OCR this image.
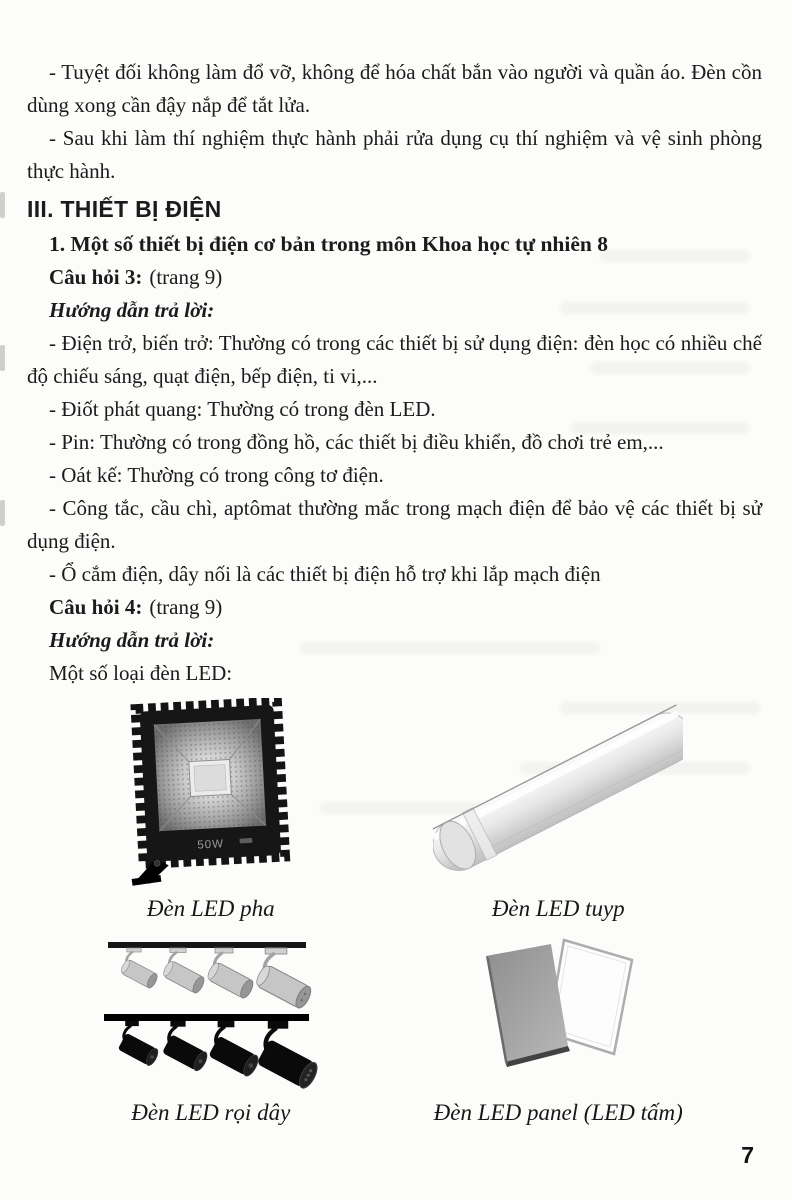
- Tuyệt đối không làm đổ vỡ, không để hóa chất bắn vào người và quần áo. Đèn cồn dùng xong cần đậy nắp để tắt lửa.

- Sau khi làm thí nghiệm thực hành phải rửa dụng cụ thí nghiệm và vệ sinh phòng thực hành.

III. THIẾT BỊ ĐIỆN
1. Một số thiết bị điện cơ bản trong môn Khoa học tự nhiên 8

Câu hỏi 3: (trang 9)

Hướng dẫn trả lời:

- Điện trở, biến trở: Thường có trong các thiết bị sử dụng điện: đèn học có nhiều chế độ chiếu sáng, quạt điện, bếp điện, ti vi,...

- Điốt phát quang: Thường có trong đèn LED.

- Pin: Thường có trong đồng hồ, các thiết bị điều khiển, đồ chơi trẻ em,...

- Oát kế: Thường có trong công tơ điện.

- Công tắc, cầu chì, aptômat thường mắc trong mạch điện để bảo vệ các thiết bị sử dụng điện.

- Ổ cắm điện, dây nối là các thiết bị điện hỗ trợ khi lắp mạch điện

Câu hỏi 4: (trang 9)

Hướng dẫn trả lời:

Một số loại đèn LED:

50W
Đèn LED pha	Đèn LED tuyp
Đèn LED rọi dây	Đèn LED panel (LED tấm)
7
